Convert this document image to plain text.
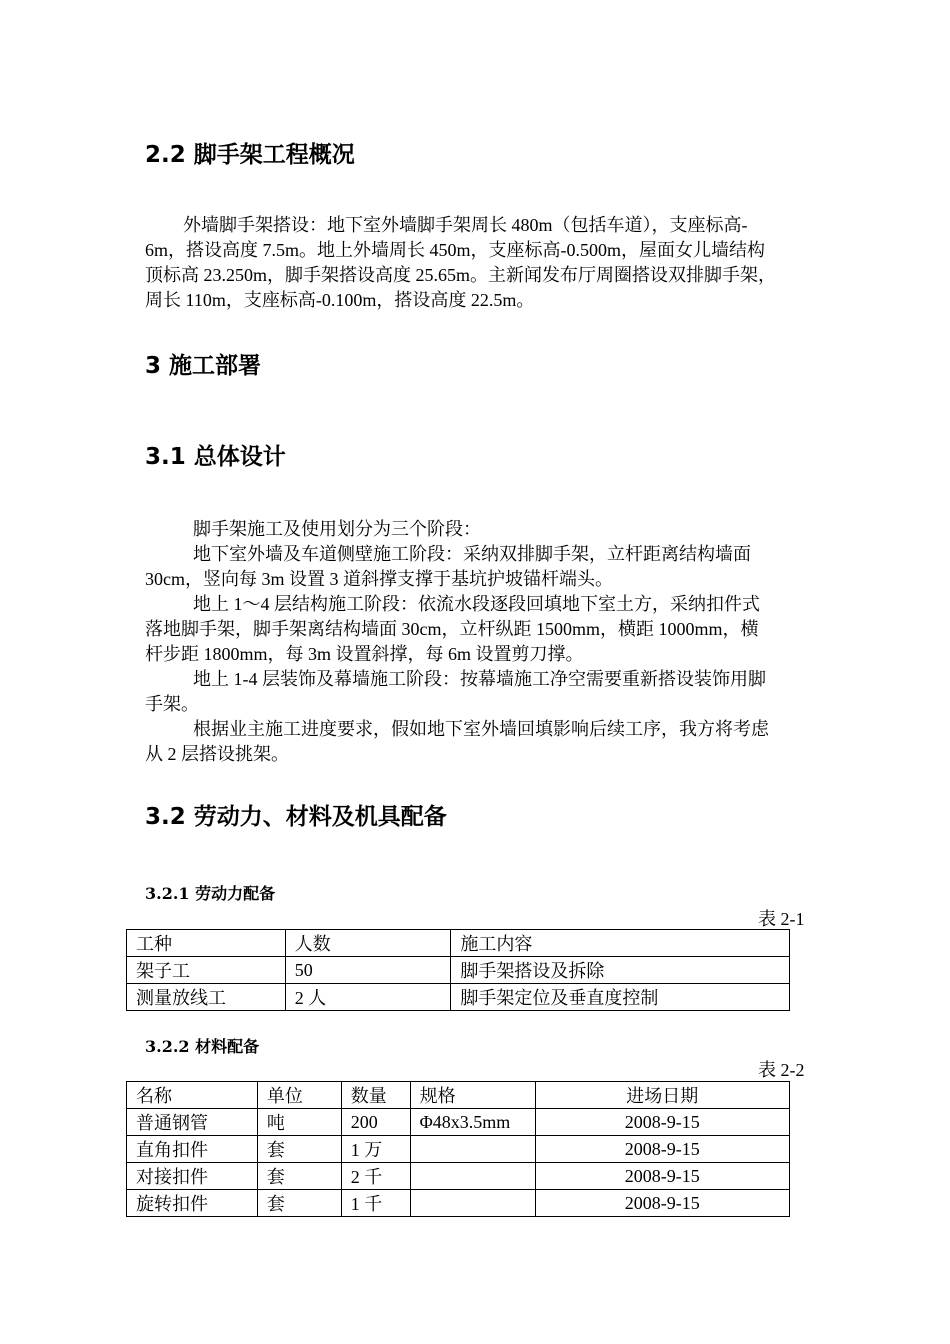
2.2 脚手架工程概况
外墙脚手架搭设：地下室外墙脚手架周长 480m（包括车道），支座标高-
6m，搭设高度 7.5m。地上外墙周长 450m，支座标高-0.500m，屋面女儿墙结构
顶标高 23.250m，脚手架搭设高度 25.65m。主新闻发布厅周圈搭设双排脚手架，
周长 110m，支座标高-0.100m，搭设高度 22.5m。
3 施工部署
3.1 总体设计
脚手架施工及使用划分为三个阶段：
地下室外墙及车道侧壁施工阶段：采纳双排脚手架，立杆距离结构墙面
30cm，竖向每 3m 设置 3 道斜撑支撑于基坑护坡锚杆端头。
地上 1～4 层结构施工阶段：依流水段逐段回填地下室土方，采纳扣件式
落地脚手架，脚手架离结构墙面 30cm，立杆纵距 1500mm，横距 1000mm，横
杆步距 1800mm，每 3m 设置斜撑，每 6m 设置剪刀撑。
地上 1-4 层装饰及幕墙施工阶段：按幕墙施工净空需要重新搭设装饰用脚
手架。
根据业主施工进度要求，假如地下室外墙回填影响后续工序，我方将考虑
从 2 层搭设挑架。
3.2 劳动力、材料及机具配备
3.2.1 劳动力配备
表 2-1
工种	人数	施工内容
架子工	50	脚手架搭设及拆除
测量放线工	2 人	脚手架定位及垂直度控制
3.2.2 材料配备
表 2-2
名称	单位	数量	规格	进场日期
普通钢管	吨	200	Φ48x3.5mm	2008-9-15
直角扣件	套	1 万		2008-9-15
对接扣件	套	2 千		2008-9-15
旋转扣件	套	1 千		2008-9-15
